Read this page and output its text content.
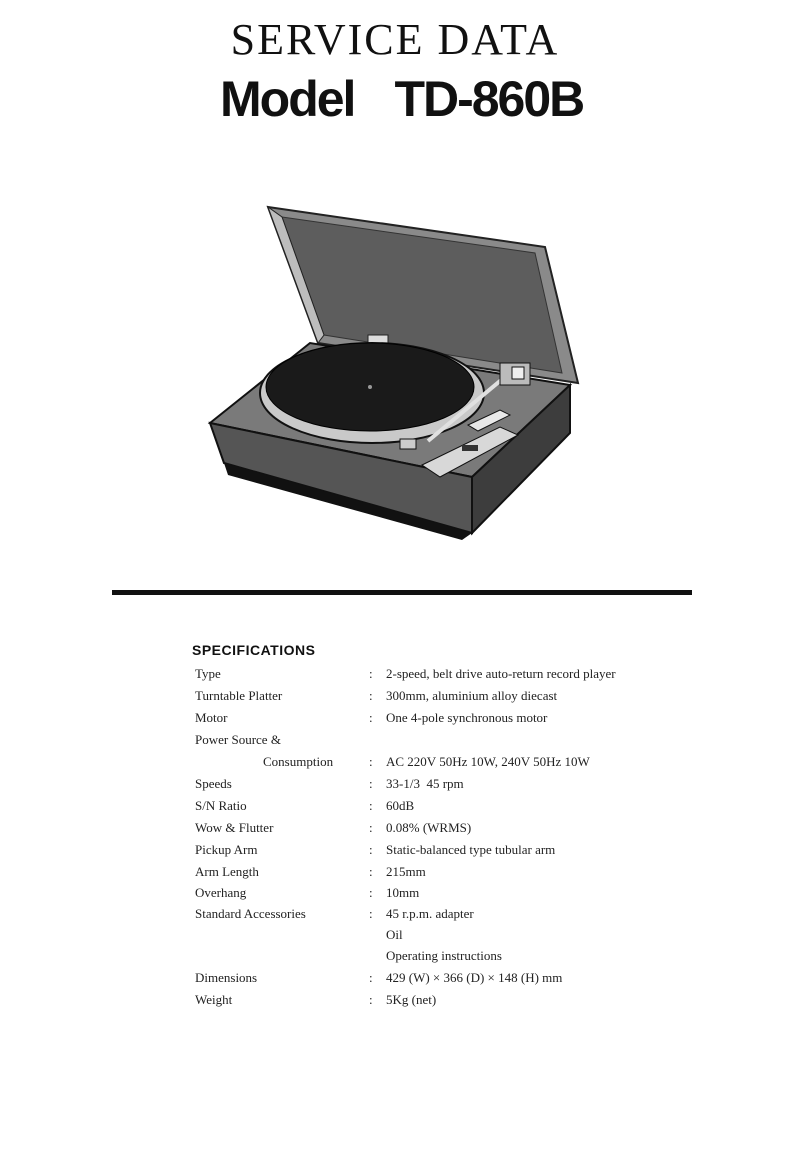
SERVICE DATA
Model TD-860B
SPECIFICATIONS
Type	: 2-speed, belt drive auto-return record player
Turntable Platter	: 300mm, aluminium alloy diecast
Motor	: One 4-pole synchronous motor
Power Source &
Consumption	: AC 220V 50Hz 10W, 240V 50Hz 10W
Speeds	: 33-1/3  45 rpm
S/N Ratio	: 60dB
Wow & Flutter	: 0.08% (WRMS)
Pickup Arm	: Static-balanced type tubular arm
Arm Length	: 215mm
Overhang	: 10mm
Standard Accessories	: 45 r.p.m. adapter
Oil
Operating instructions
Dimensions	: 429 (W) × 366 (D) × 148 (H) mm
Weight	: 5Kg (net)
